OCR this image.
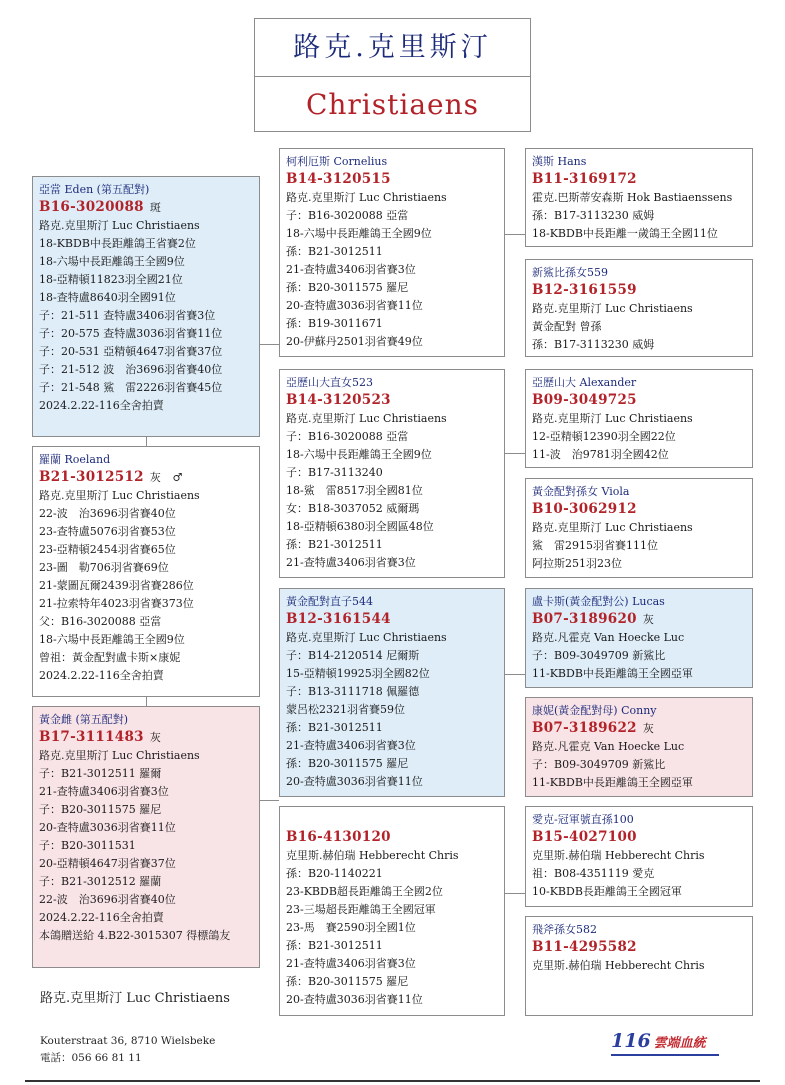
路克.克里斯汀
Christiaens
亞當 Eden (第五配對)
B16-3020088 斑
路克.克里斯汀 Luc Christiaens
18-KBDB中長距離鴿王省賽2位
18-六場中長距離鴿王全國9位
18-亞精頓11823羽全國21位
18-查特盧8640羽全國91位
子：21-511 查特盧3406羽省賽3位
子：20-575 查特盧3036羽省賽11位
子：20-531 亞精頓4647羽省賽37位
子：21-512 波　治3696羽省賽40位
子：21-548 鯊　雷2226羽省賽45位
2024.2.22-116全舍拍賣
羅蘭 Roeland
B21-3012512 灰　♂
路克.克里斯汀 Luc Christiaens
22-波　治3696羽省賽40位
23-查特盧5076羽省賽53位
23-亞精頓2454羽省賽65位
23-圖　勒706羽省賽69位
21-蒙圖瓦爾2439羽省賽286位
21-拉索特年4023羽省賽373位
父：B16-3020088 亞當
18-六場中長距離鴿王全國9位
曾祖：黃金配對盧卡斯×康妮
2024.2.22-116全舍拍賣
黃金雌 (第五配對)
B17-3111483 灰
路克.克里斯汀 Luc Christiaens
子：B21-3012511 羅爾
21-查特盧3406羽省賽3位
子：B20-3011575 羅尼
20-查特盧3036羽省賽11位
子：B20-3011531
20-亞精頓4647羽省賽37位
子：B21-3012512 羅蘭
22-波　治3696羽省賽40位
2024.2.22-116全舍拍賣
本鴿贈送給 4.B22-3015307 得標鴿友
柯利厄斯 Cornelius
B14-3120515
路克.克里斯汀 Luc Christiaens
子：B16-3020088 亞當
18-六場中長距離鴿王全國9位
孫：B21-3012511
21-查特盧3406羽省賽3位
孫：B20-3011575 羅尼
20-查特盧3036羽省賽11位
孫：B19-3011671
20-伊蘇丹2501羽省賽49位
亞歷山大直女523
B14-3120523
路克.克里斯汀 Luc Christiaens
子：B16-3020088 亞當
18-六場中長距離鴿王全國9位
子：B17-3113240
18-鯊　雷8517羽全國81位
女：B18-3037052 威爾瑪
18-亞精頓6380羽全國區48位
孫：B21-3012511
21-查特盧3406羽省賽3位
黃金配對直子544
B12-3161544
路克.克里斯汀 Luc Christiaens
子：B14-2120514 尼爾斯
15-亞精頓19925羽全國82位
子：B13-3111718 佩羅德
蒙呂松2321羽省賽59位
孫：B21-3012511
21-查特盧3406羽省賽3位
孫：B20-3011575 羅尼
20-查特盧3036羽省賽11位
B16-4130120
克里斯.赫伯瑞 Hebberecht Chris
孫：B20-1140221
23-KBDB超長距離鴿王全國2位
23-三場超長距離鴿王全國冠軍
23-馬　賽2590羽全國1位
孫：B21-3012511
21-查特盧3406羽省賽3位
孫：B20-3011575 羅尼
20-查特盧3036羽省賽11位
漢斯 Hans
B11-3169172
霍克.巴斯蒂安森斯 Hok Bastiaenssens
孫：B17-3113230 威姆
18-KBDB中長距離一歲鴿王全國11位
新鯊比孫女559
B12-3161559
路克.克里斯汀 Luc Christiaens
黃金配對 曾孫
孫：B17-3113230 威姆
亞歷山大 Alexander
B09-3049725
路克.克里斯汀 Luc Christiaens
12-亞精頓12390羽全國22位
11-波　治9781羽全國42位
黃金配對孫女 Viola
B10-3062912
路克.克里斯汀 Luc Christiaens
鯊　雷2915羽省賽111位
阿拉斯251羽23位
盧卡斯(黃金配對公) Lucas
B07-3189620 灰
路克.凡霍克 Van Hoecke Luc
子：B09-3049709 新鯊比
11-KBDB中長距離鴿王全國亞軍
康妮(黃金配對母) Conny
B07-3189622 灰
路克.凡霍克 Van Hoecke Luc
子：B09-3049709 新鯊比
11-KBDB中長距離鴿王全國亞軍
愛克-冠軍號直孫100
B15-4027100
克里斯.赫伯瑞 Hebberecht Chris
祖：B08-4351119 愛克
10-KBDB長距離鴿王全國冠軍
飛斧孫女582
B11-4295582
克里斯.赫伯瑞 Hebberecht Chris
路克.克里斯汀 Luc Christiaens
Kouterstraat 36, 8710 Wielsbeke
電話：056 66 81 11
116 雲端血統
